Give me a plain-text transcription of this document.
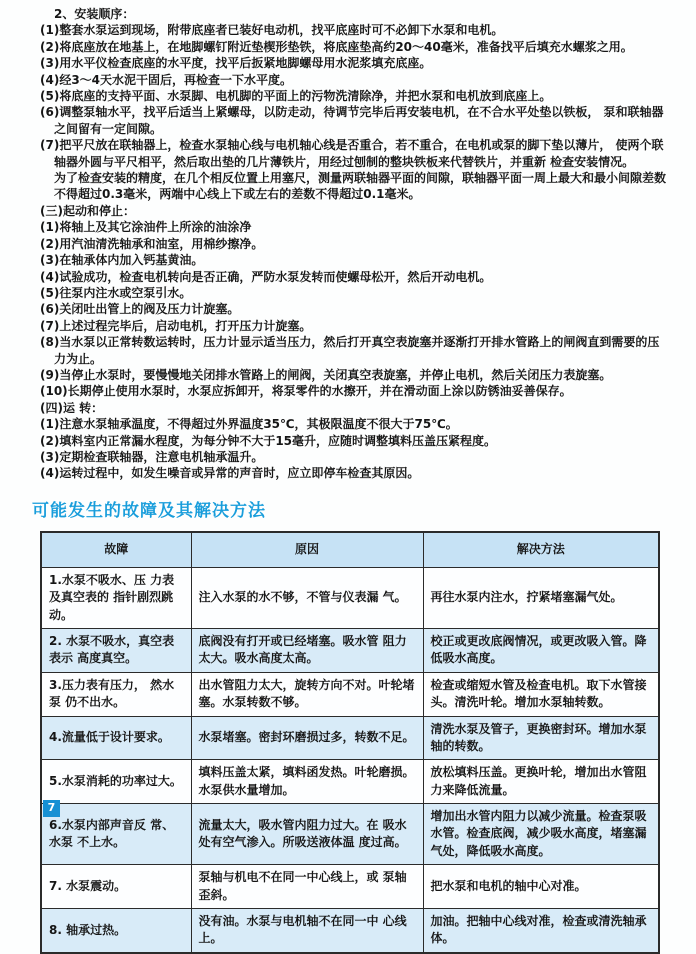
2、安装顺序：
(1)整套水泵运到现场，附带底座者已装好电动机，找平底座时可不必卸下水泵和电机。
(2)将底座放在地基上，在地脚螺钉附近垫楔形垫铁，将底座垫高约20～40毫米，准备找平后填充水螺浆之用。
(3)用水平仪检查底座的水平度，找平后扳紧地脚螺母用水泥浆填充底座。
(4)经3～4天水泥干固后，再检查一下水平度。
(5)将底座的支持平面、水泵脚、电机脚的平面上的污物洗清除净，并把水泵和电机放到底座上。
(6)调整泵轴水平，找平后适当上紧螺母，以防走动，待调节完毕后再安装电机，在不合水平处垫以铁板， 泵和联轴器之间留有一定间隙。
(7)把平尺放在联轴器上，检查水泵轴心线与电机轴心线是否重合，若不重合，在电机或泵的脚下垫以薄片， 使两个联轴器外圆与平尺相平，然后取出垫的几片薄铁片，用经过刨制的整块铁板来代替铁片，并重新 检查安装情况。
为了检查安装的精度，在几个相反位置上用塞尺，测量两联轴器平面的间隙，联轴器平面一周上最大和最小间隙差数不得超过0.3毫米，两端中心线上下或左右的差数不得超过0.1毫米。
(三)起动和停止：
(1)将轴上及其它涂油件上所涂的油涂净
(2)用汽油清洗轴承和油室，用棉纱擦净。
(3)在轴承体内加入钙基黄油。
(4)试验成功，检查电机转向是否正确，严防水泵发转而使螺母松开，然后开动电机。
(5)往泵内注水或空泵引水。
(6)关闭吐出管上的阀及压力计旋塞。
(7)上述过程完毕后，启动电机，打开压力计旋塞。
(8)当水泵以正常转数运转时，压力计显示适当压力，然后打开真空表旋塞并逐渐打开排水管路上的闸阀直到需要的压力为止。
(9)当停止水泵时，要慢慢地关闭排水管路上的闸阀，关闭真空表旋塞，并停止电机，然后关闭压力表旋塞。
(10)长期停止使用水泵时，水泵应拆卸开，将泵零件的水擦开，并在滑动面上涂以防锈油妥善保存。
(四)运 转：
(1)注意水泵轴承温度，不得超过外界温度35℃，其极限温度不很大于75℃。
(2)填料室内正常漏水程度，为每分钟不大于15毫升，应随时调整填料压盖压紧程度。
(3)定期检查联轴器，注意电机轴承温升。
(4)运转过程中，如发生噪音或异常的声音时，应立即停车检查其原因。
可能发生的故障及其解决方法
故障	原因	解决方法
1.水泵不吸水、压 力表及真空表的 指针剧烈跳动。	注入水泵的水不够，不管与仪表漏 气。	再往水泵内注水，拧紧堵塞漏气处。
2. 水泵不吸水，真空表表示 高度真空。	底阀没有打开或已经堵塞。吸水管 阻力太大。吸水高度太高。	校正或更改底阀情况，或更改吸入管。降低吸水高度。
3.压力表有压力， 然水泵 仍不出水。	出水管阻力太大，旋转方向不对。叶轮堵塞。水泵转数不够。	检查或缩短水管及检查电机。取下水管接头。清洗叶轮。增加水泵轴转数。
4.流量低于设计要求。	水泵堵塞。密封环磨损过多，转数不足。	清洗水泵及管子，更换密封环。增加水泵轴的转数。
5.水泵消耗的功率过大。	填料压盖太紧，填料函发热。叶轮磨损。水泵供水量增加。	放松填料压盖。更换叶轮，增加出水管阻力来降低流量。
6.水泵内部声音反 常、水泵 不上水。	流量太大，吸水管内阻力过大。在 吸水处有空气渗入。所吸送液体温 度过高。	增加出水管内阻力以减少流量。检查泵吸水管。检查底阀，减少吸水高度，堵塞漏气处，降低吸水高度。
7. 水泵震动。	泵轴与机电不在同一中心线上，或 泵轴歪斜。	把水泵和电机的轴中心对准。
8. 轴承过热。	没有油。水泵与电机轴不在同一中 心线上。	加油。把轴中心线对准，检查或清洗轴承体。
7
